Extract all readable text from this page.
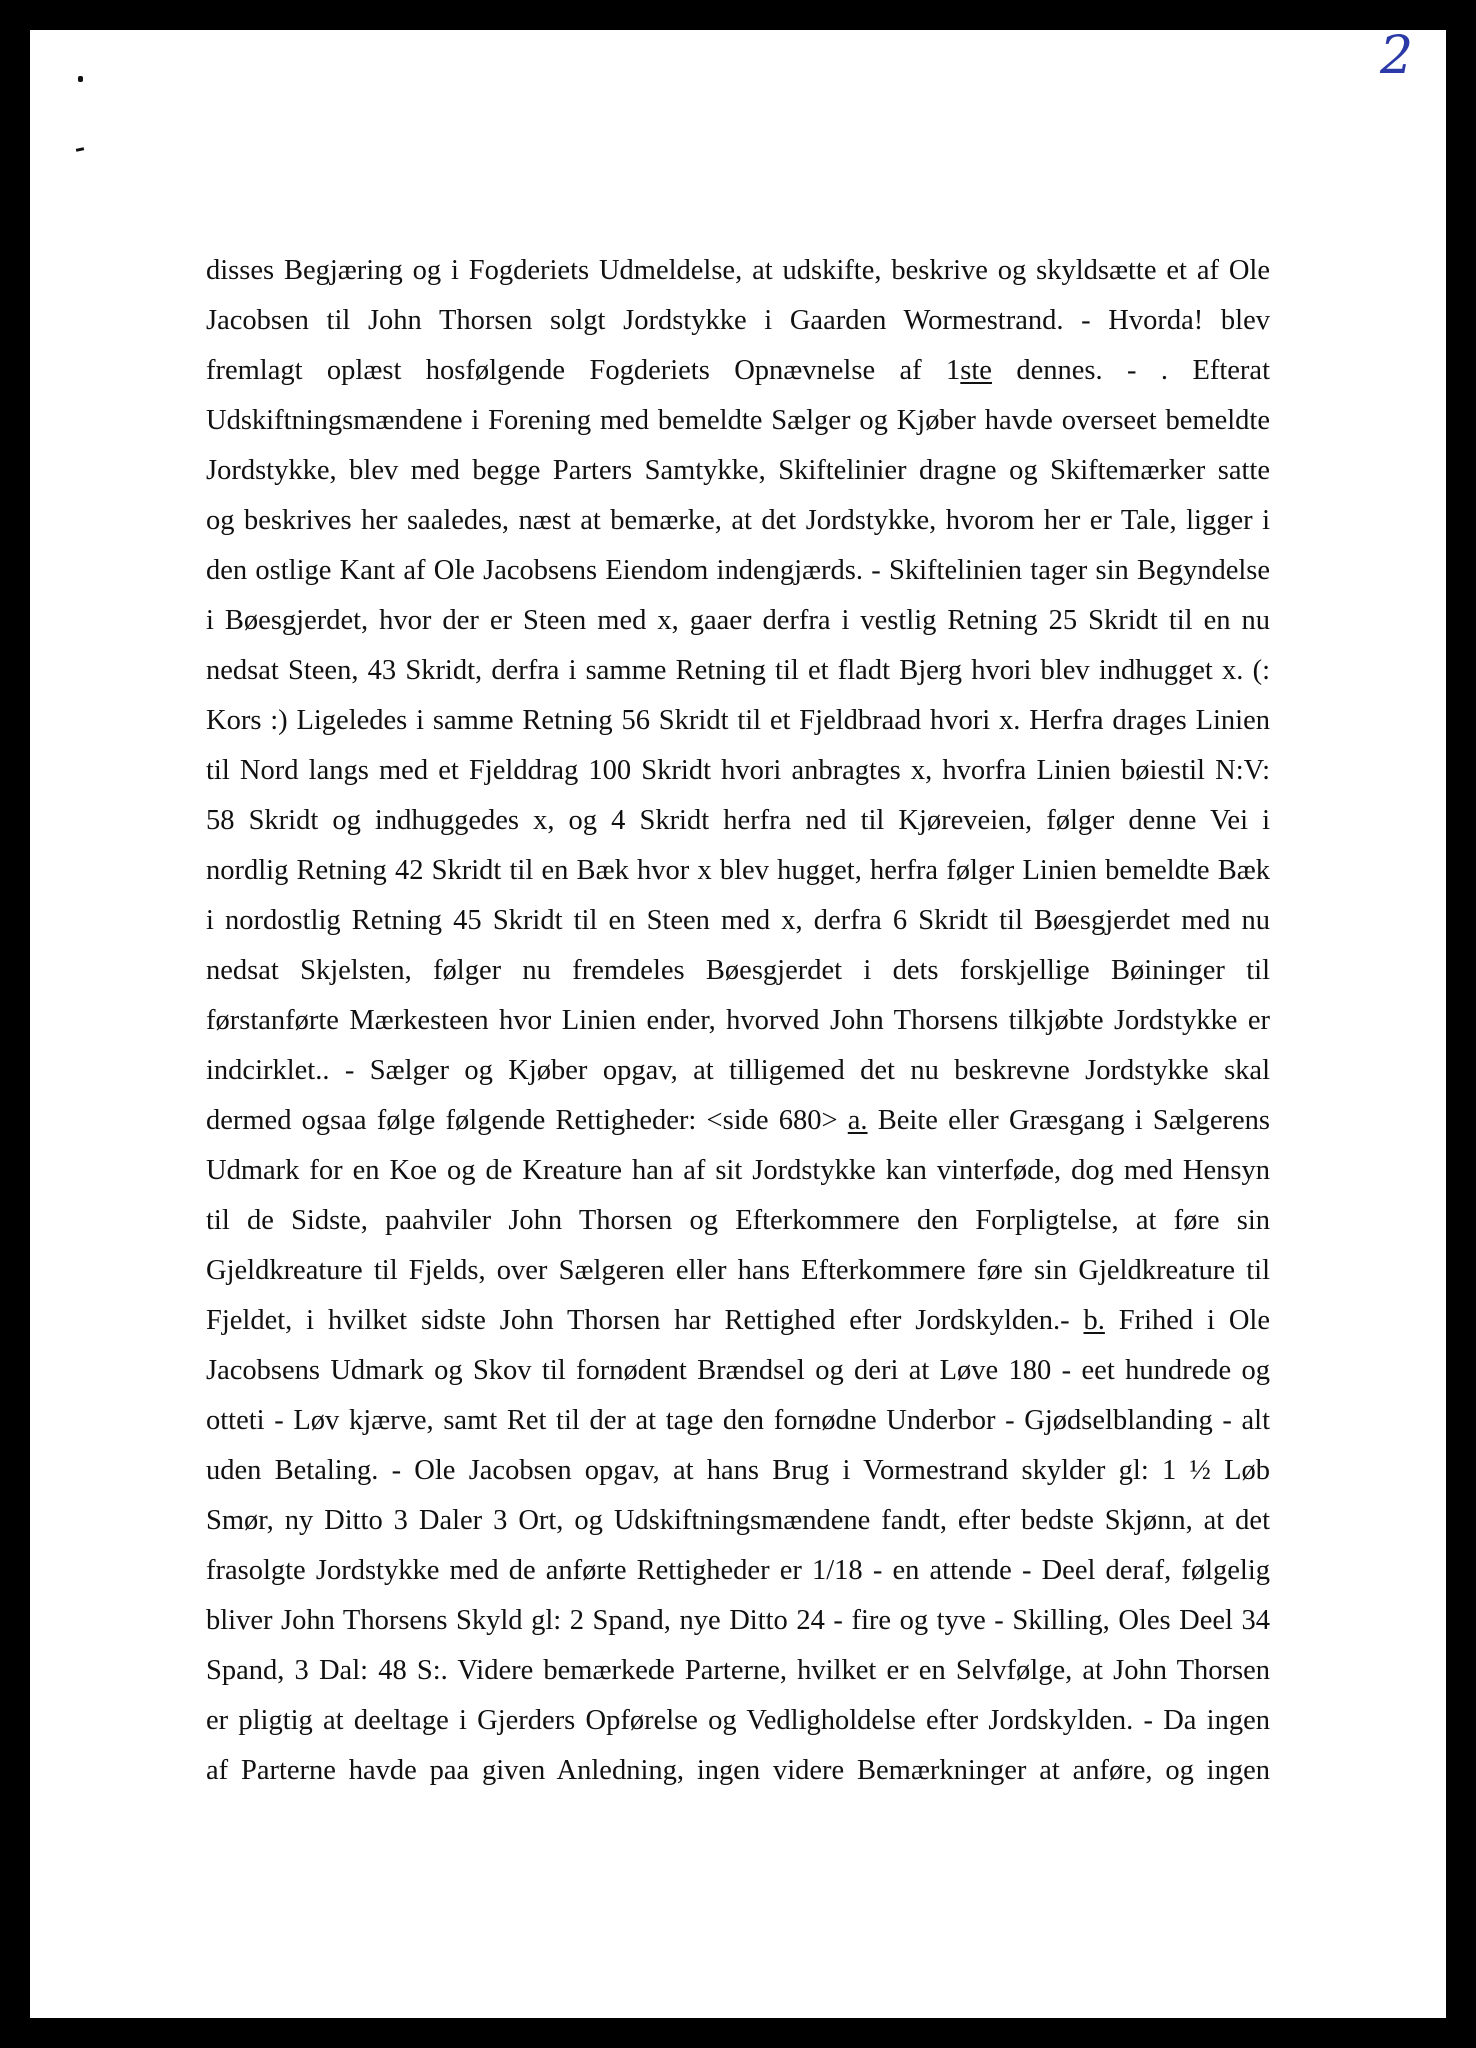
2
disses Begjæring og i Fogderiets Udmeldelse, at udskifte, beskrive og skyldsætte et af Ole
Jacobsen til John Thorsen solgt Jordstykke i Gaarden Wormestrand. - Hvorda! blev
fremlagt oplæst hosfølgende Fogderiets Opnævnelse af 1ste dennes. - . Efterat
Udskiftningsmændene i Forening med bemeldte Sælger og Kjøber havde overseet bemeldte
Jordstykke, blev med begge Parters Samtykke, Skiftelinier dragne og Skiftemærker satte
og beskrives her saaledes, næst at bemærke, at det Jordstykke, hvorom her er Tale, ligger i
den ostlige Kant af Ole Jacobsens Eiendom indengjærds. - Skiftelinien tager sin Begyndelse
i Bøesgjerdet, hvor der er Steen med x, gaaer derfra i vestlig Retning 25 Skridt til en nu
nedsat Steen, 43 Skridt, derfra i samme Retning til et fladt Bjerg hvori blev indhugget x. (:
Kors :) Ligeledes i samme Retning 56 Skridt til et Fjeldbraad hvori x. Herfra drages Linien
til Nord langs med et Fjelddrag 100 Skridt hvori anbragtes x, hvorfra Linien bøiestil N:V:
58 Skridt og indhuggedes x, og 4 Skridt herfra ned til Kjøreveien, følger denne Vei i
nordlig Retning 42 Skridt til en Bæk hvor x blev hugget, herfra følger Linien bemeldte Bæk
i nordostlig Retning 45 Skridt til en Steen med x, derfra 6 Skridt til Bøesgjerdet med nu
nedsat Skjelsten, følger nu fremdeles Bøesgjerdet i dets forskjellige Bøininger til
førstanførte Mærkesteen hvor Linien ender, hvorved John Thorsens tilkjøbte Jordstykke er
indcirklet.. - Sælger og Kjøber opgav, at tilligemed det nu beskrevne Jordstykke skal
dermed ogsaa følge følgende Rettigheder: <side 680> a. Beite eller Græsgang i Sælgerens
Udmark for en Koe og de Kreature han af sit Jordstykke kan vinterføde, dog med Hensyn
til de Sidste, paahviler John Thorsen og Efterkommere den Forpligtelse, at føre sin
Gjeldkreature til Fjelds, over Sælgeren eller hans Efterkommere føre sin Gjeldkreature til
Fjeldet, i hvilket sidste John Thorsen har Rettighed efter Jordskylden.- b. Frihed i Ole
Jacobsens Udmark og Skov til fornødent Brændsel og deri at Løve 180 - eet hundrede og
otteti - Løv kjærve, samt Ret til der at tage den fornødne Underbor - Gjødselblanding - alt
uden Betaling. - Ole Jacobsen opgav, at hans Brug i Vormestrand skylder gl: 1 ½ Løb
Smør, ny Ditto 3 Daler 3 Ort, og Udskiftningsmændene fandt, efter bedste Skjønn, at det
frasolgte Jordstykke med de anførte Rettigheder er 1/18 - en attende - Deel deraf, følgelig
bliver John Thorsens Skyld gl: 2 Spand, nye Ditto 24 - fire og tyve - Skilling, Oles Deel 34
Spand, 3 Dal: 48 S:. Videre bemærkede Parterne, hvilket er en Selvfølge, at John Thorsen
er pligtig at deeltage i Gjerders Opførelse og Vedligholdelse efter Jordskylden. - Da ingen
af Parterne havde paa given Anledning, ingen videre Bemærkninger at anføre, og ingen
